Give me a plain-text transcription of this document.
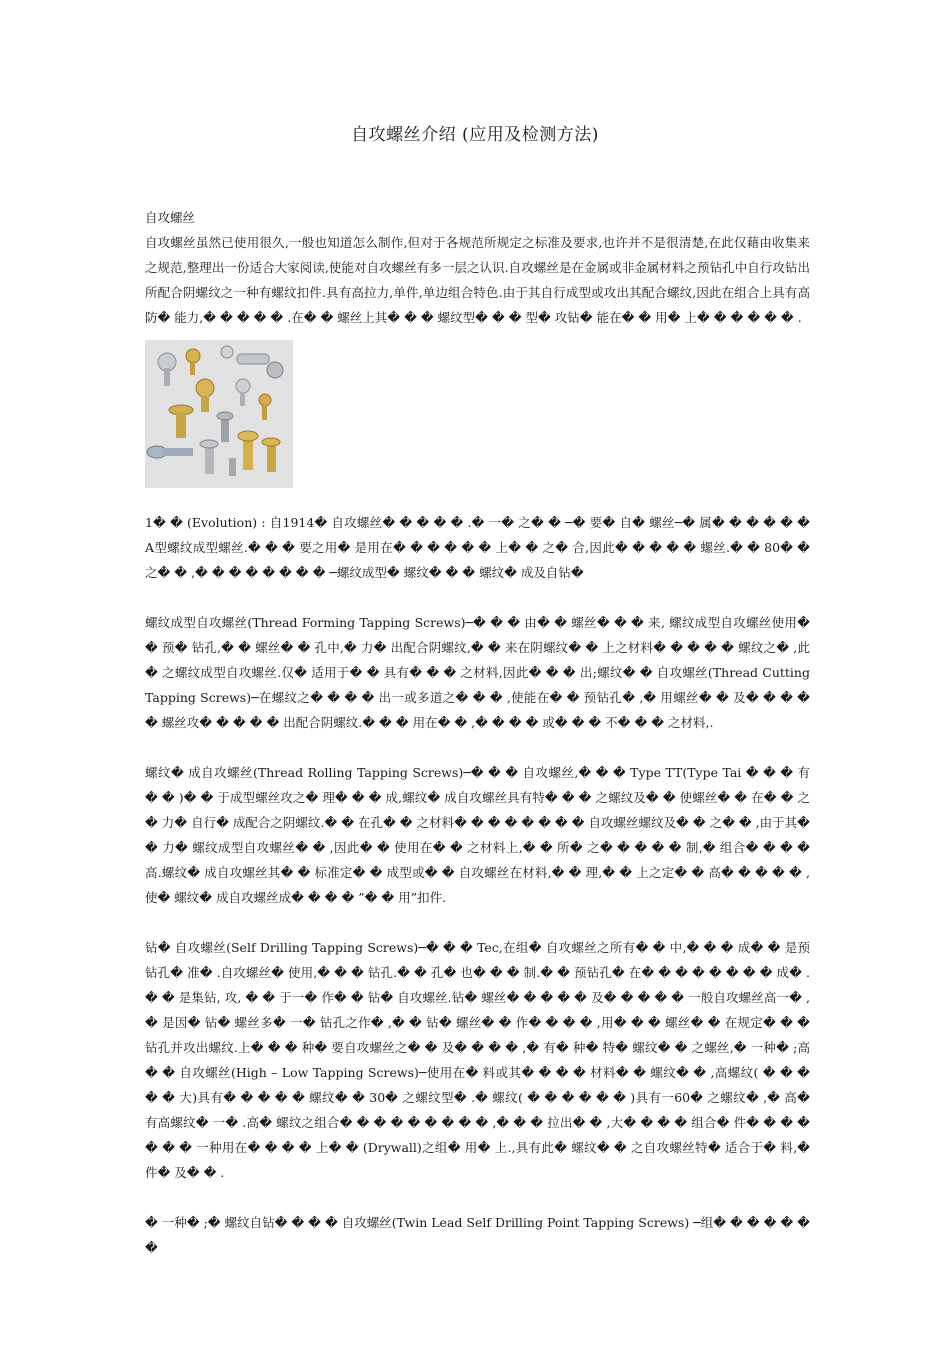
自攻螺丝介绍 (应用及检测方法)

自攻螺丝

自攻螺丝虽然已使用很久,一般也知道怎么制作,但对于各规范所规定之标准及要求,也许并不是很清楚,在此仅藉由收集来之规范,整理出一份适合大家阅读,使能对自攻螺丝有多一层之认识.自攻螺丝是在金属或非金属材料之预钻孔中自行攻钻出所配合阴螺纹之一种有螺纹扣件.具有高拉力,单件,单边组合特色.由于其自行成型或攻出其配合螺纹,因此在组合上具有高防� 能力,� � � � � .在� � 螺丝上其� � � 螺纹型� � � 型� 攻钻� 能在� � 用� 上� � � � � � .

1� � (Evolution) : 自1914� 自攻螺丝� � � � � .� 一� 之� � ─� 要� 自� 螺丝─� 属� � � � � � A型螺纹成型螺丝.� � � 要之用� 是用在� � � � � � 上� � 之� 合,因此� � � � � 螺丝.� � 80� � 之� � ,� � � � � � � � ─螺纹成型� 螺纹� � � 螺纹� 成及自钻�

螺纹成型自攻螺丝(Thread Forming Tapping Screws)─� � � 由� � 螺丝� � � 来, 螺纹成型自攻螺丝使用� � 预� 钻孔,� � 螺丝� � 孔中,� 力� 出配合阴螺纹,� � 来在阴螺纹� � 上之材料� � � � � 螺纹之� ,此� 之螺纹成型自攻螺丝.仅� 适用于� � 具有� � � 之材料,因此� � � 出;螺纹� � 自攻螺丝(Thread Cutting Tapping Screws)─在螺纹之� � � � 出一或多道之� � � ,使能在� � 预钻孔� ,� 用螺丝� � 及� � � � � 螺丝攻� � � � � 出配合阴螺纹.� � � 用在� � ,� � � � 或� � � 不� � � 之材料,.

螺纹� 成自攻螺丝(Thread Rolling Tapping Screws)─� � � 自攻螺丝,� � � Type TT(Type Tai � � � 有� � )� � 于成型螺丝攻之� 理� � � 成,螺纹� 成自攻螺丝具有特� � � 之螺纹及� � 使螺丝� � 在� � 之� 力� 自行� 成配合之阴螺纹.� � 在孔� � 之材料� � � � � � � � 自攻螺丝螺纹及� � 之� � ,由于其� � 力� 螺纹成型自攻螺丝� � ,因此� � 使用在� � 之材料上,� � 所� 之� � � � � 制,� 组合� � � � 高.螺纹� 成自攻螺丝其� � 标准定� � 成型或� � 自攻螺丝在材料,� � 理,� � 上之定� � 高� � � � � ,使� 螺纹� 成自攻螺丝成� � � � ”� � 用”扣件.

钻� 自攻螺丝(Self Drilling Tapping Screws)─� � � Tec,在组� 自攻螺丝之所有� � 中,� � � 成� � 是预钻孔� 准� .自攻螺丝� 使用,� � � 钻孔.� � 孔� 也� � � 制.� � 预钻孔� 在� � � � � � � � 成� .� � 是集钻, 攻, � � 于一� 作� � 钻� 自攻螺丝.钻� 螺丝� � � � � 及� � � � � 一般自攻螺丝高一� ,� 是因� 钻� 螺丝多� 一� 钻孔之作� ,� � 钻� 螺丝� � 作� � � � ,用� � � 螺丝� � 在规定� � � 钻孔并攻出螺纹.上� � � 种� 要自攻螺丝之� � 及� � � � ,� 有� 种� 特� 螺纹� � 之螺丝,� 一种� ;高� � 自攻螺丝(High – Low Tapping Screws)─使用在� 料或其� � � � 材料� � 螺纹� � ,高螺纹( � � � � � 大)具有� � � � � 螺纹� � 30� 之螺纹型� .� 螺纹( � � � � � � )具有一60� 之螺纹� ,� 高� 有高螺纹� 一� .高� 螺纹之组合� � � � � � � � � ,� � � 拉出� � ,大� � � � 组合� 件� � � � � � � 一种用在� � � � 上� � (Drywall)之组� 用� 上.,具有此� 螺纹� � 之自攻螺丝特� 适合于� 料,� 件� 及� � .

� 一种� ;� 螺纹自钻� � � � 自攻螺丝(Twin Lead Self Drilling Point Tapping Screws) ─组� � � � � � �
